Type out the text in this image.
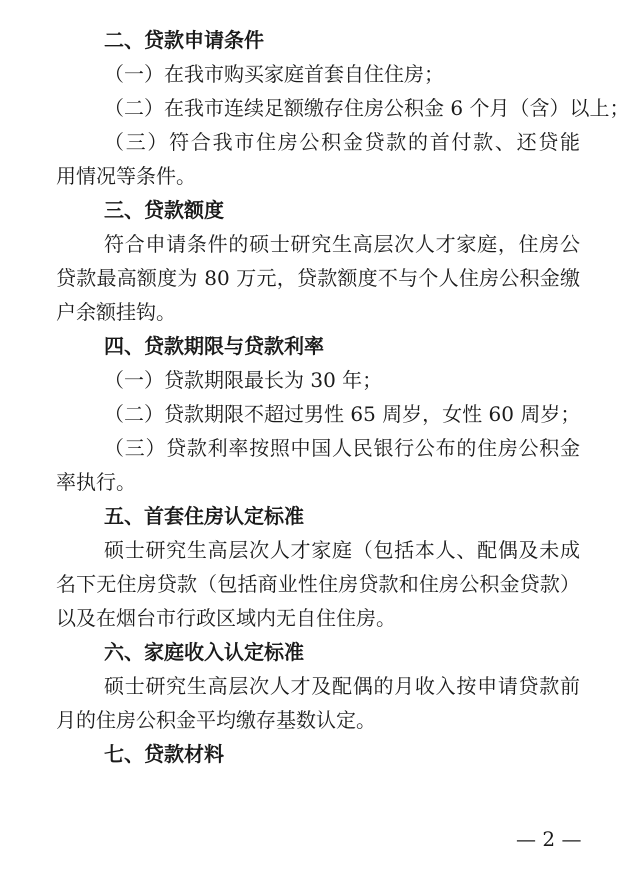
二、贷款申请条件
（一）在我市购买家庭首套自住住房；
（二）在我市连续足额缴存住房公积金 6 个月（含）以上；
（三）符合我市住房公积金贷款的首付款、还贷能
用情况等条件。
三、贷款额度
符合申请条件的硕士研究生高层次人才家庭，住房公
贷款最高额度为 80 万元，贷款额度不与个人住房公积金缴
户余额挂钩。
四、贷款期限与贷款利率
（一）贷款期限最长为 30 年；
（二）贷款期限不超过男性 65 周岁，女性 60 周岁；
（三）贷款利率按照中国人民银行公布的住房公积金
率执行。
五、首套住房认定标准
硕士研究生高层次人才家庭（包括本人、配偶及未成
名下无住房贷款（包括商业性住房贷款和住房公积金贷款）
以及在烟台市行政区域内无自住住房。
六、家庭收入认定标准
硕士研究生高层次人才及配偶的月收入按申请贷款前
月的住房公积金平均缴存基数认定。
七、贷款材料
— 2 —
